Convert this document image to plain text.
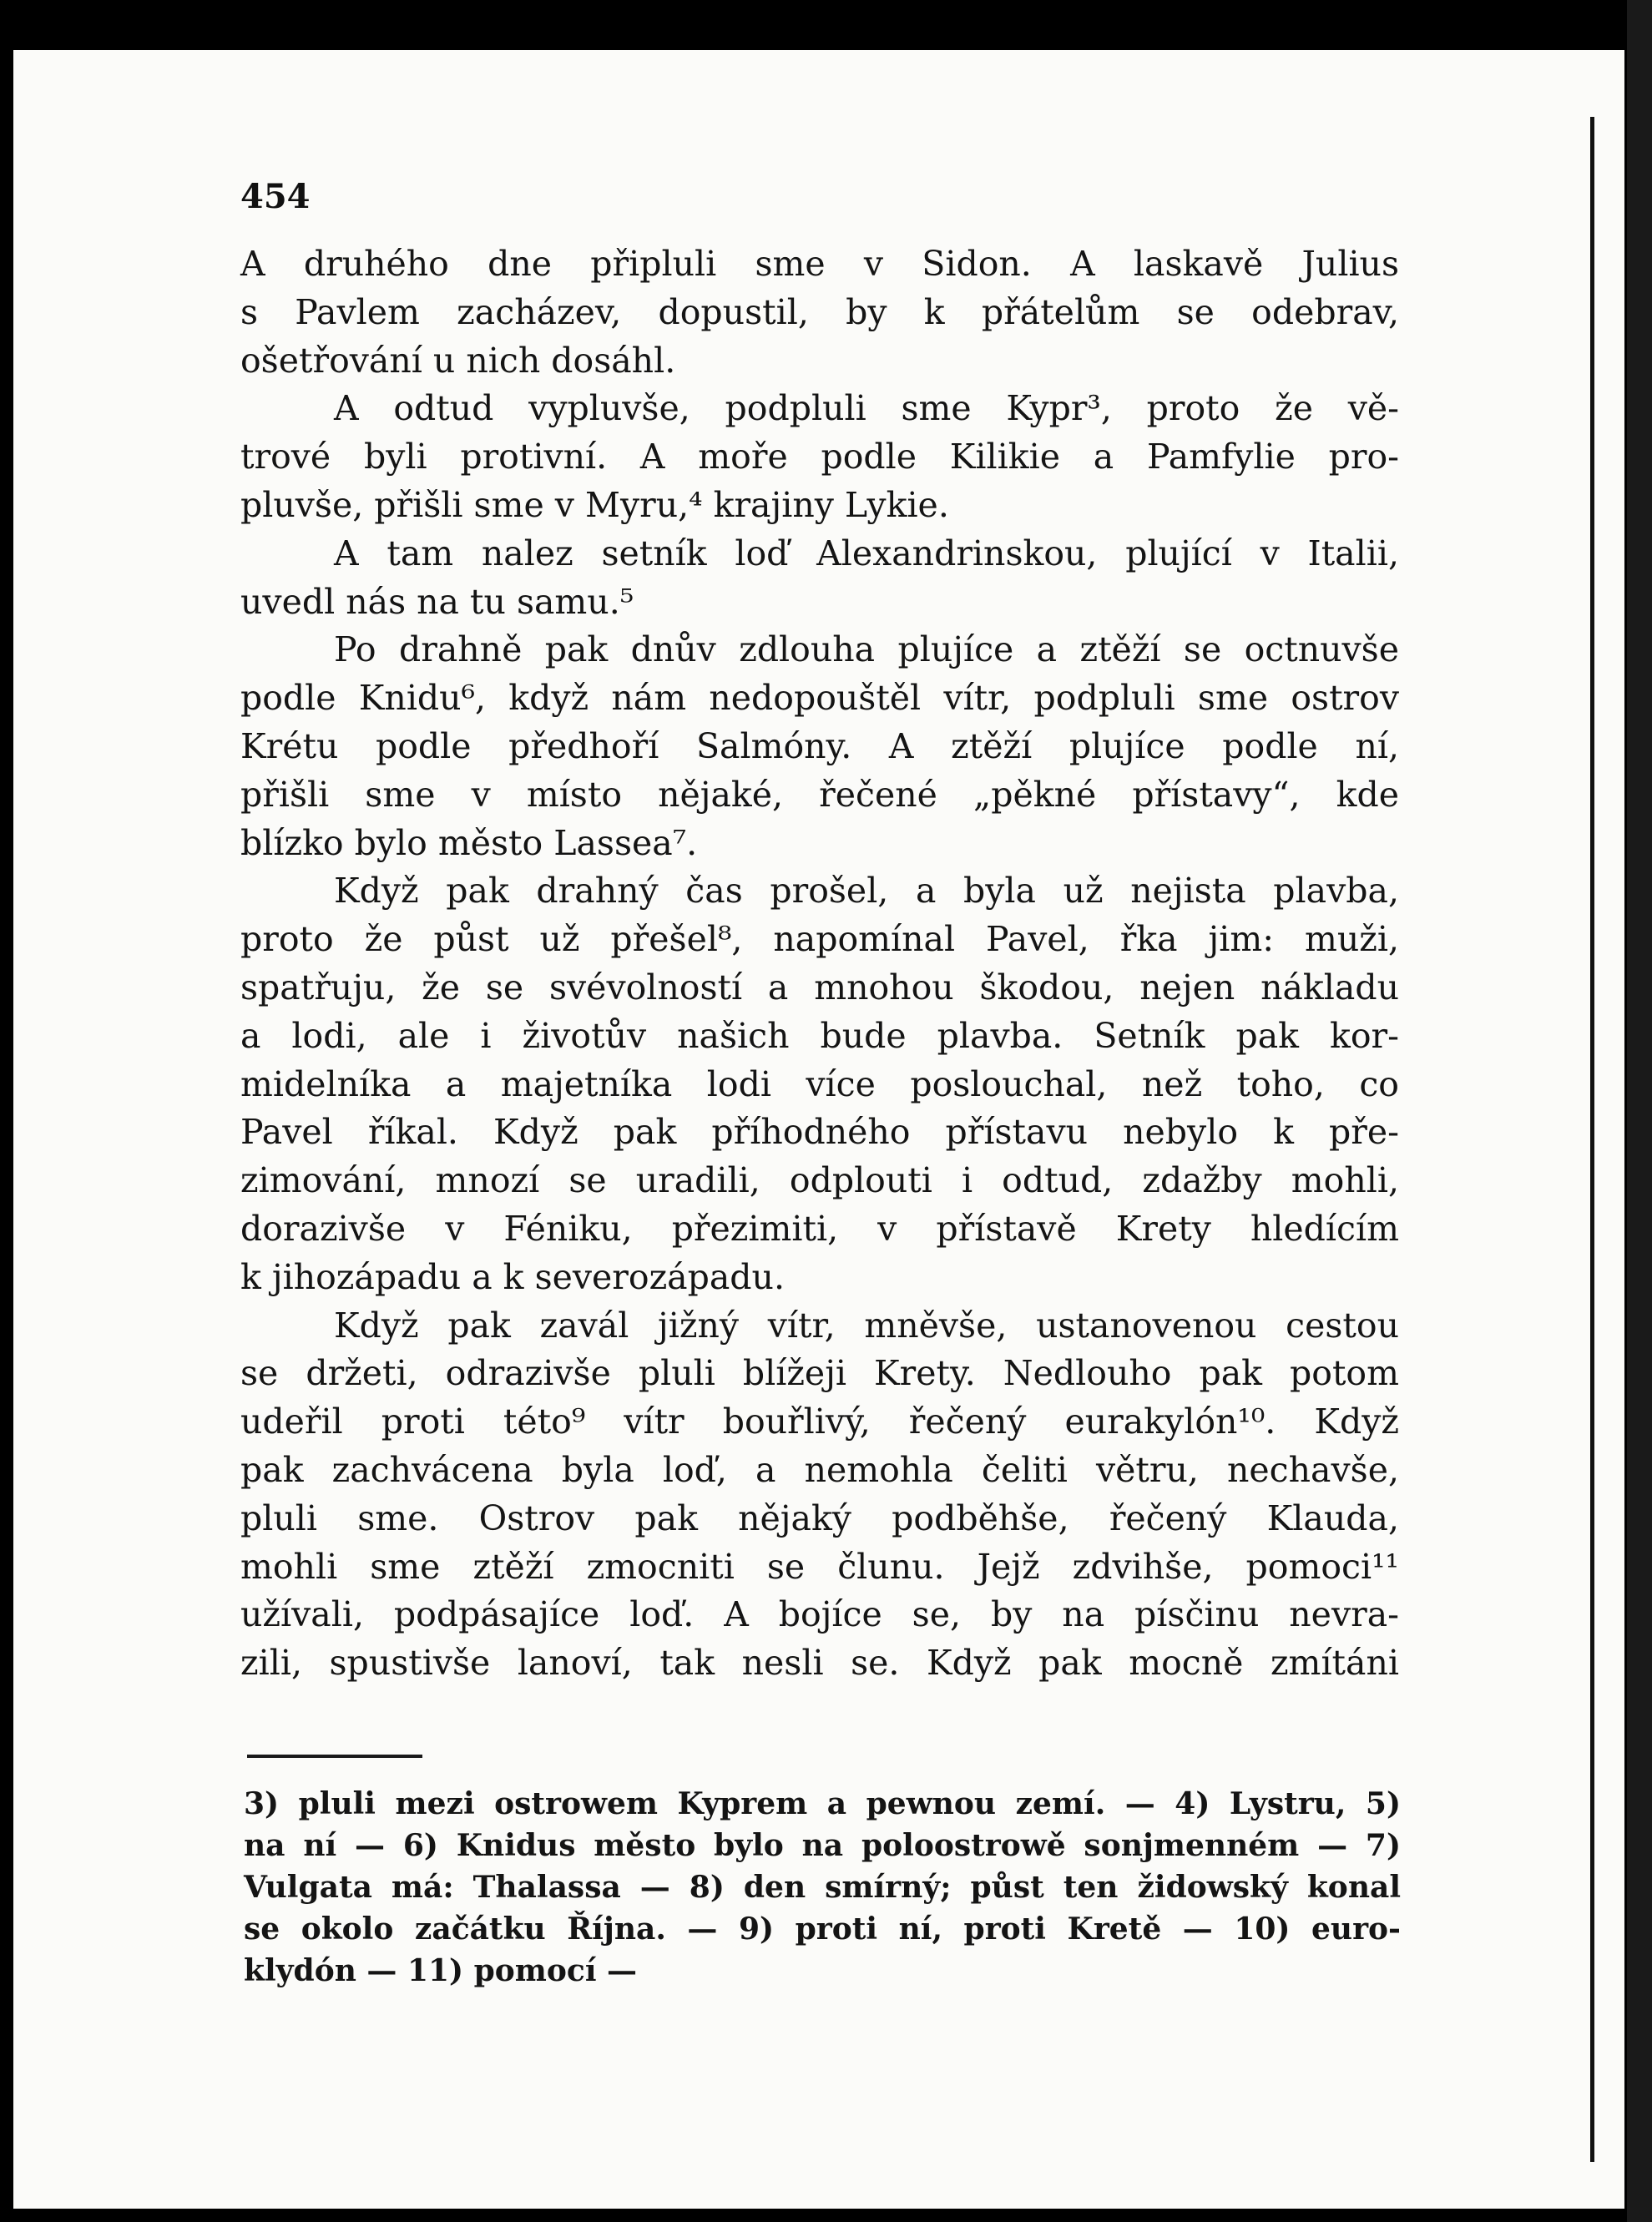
454
A druhého dne připluli sme v Sidon. A laskavě Julius
s Pavlem zacházev, dopustil, by k přátelům se odebrav,
ošetřování u nich dosáhl.
A odtud vypluvše, podpluli sme Kypr³, proto že vě-
trové byli protivní. A moře podle Kilikie a Pamfylie pro-
pluvše, přišli sme v Myru,⁴ krajiny Lykie.
A tam nalez setník loď Alexandrinskou, plující v Italii,
uvedl nás na tu samu.⁵
Po drahně pak dnův zdlouha plujíce a ztěží se octnuvše
podle Knidu⁶, když nám nedopouštěl vítr, podpluli sme ostrov
Krétu podle předhoří Salmóny. A ztěží plujíce podle ní,
přišli sme v místo nějaké, řečené „pěkné přístavy“, kde
blízko bylo město Lassea⁷.
Když pak drahný čas prošel, a byla už nejista plavba,
proto že půst už přešel⁸, napomínal Pavel, řka jim: muži,
spatřuju, že se svévolností a mnohou škodou, nejen nákladu
a lodi, ale i životův našich bude plavba. Setník pak kor-
midelníka a majetníka lodi více poslouchal, než toho, co
Pavel říkal. Když pak příhodného přístavu nebylo k pře-
zimování, mnozí se uradili, odplouti i odtud, zdažby mohli,
dorazivše v Féniku, přezimiti, v přístavě Krety hledícím
k jihozápadu a k severozápadu.
Když pak zavál jižný vítr, mněvše, ustanovenou cestou
se držeti, odrazivše pluli blížeji Krety. Nedlouho pak potom
udeřil proti této⁹ vítr bouřlivý, řečený eurakylón¹⁰. Když
pak zachvácena byla loď, a nemohla čeliti větru, nechavše,
pluli sme. Ostrov pak nějaký podběhše, řečený Klauda,
mohli sme ztěží zmocniti se člunu. Jejž zdvihše, pomoci¹¹
užívali, podpásajíce loď. A bojíce se, by na písčinu nevra-
zili, spustivše lanoví, tak nesli se. Když pak mocně zmítáni
3) pluli mezi ostrowem Kyprem a pewnou zemí. — 4) Lystru, 5)
na ní — 6) Knidus město bylo na poloostrowě sonjmenném — 7)
Vulgata má: Thalassa — 8) den smírný; půst ten židowský konal
se okolo začátku Října. — 9) proti ní, proti Kretě — 10) euro-
klydón — 11) pomocí —
